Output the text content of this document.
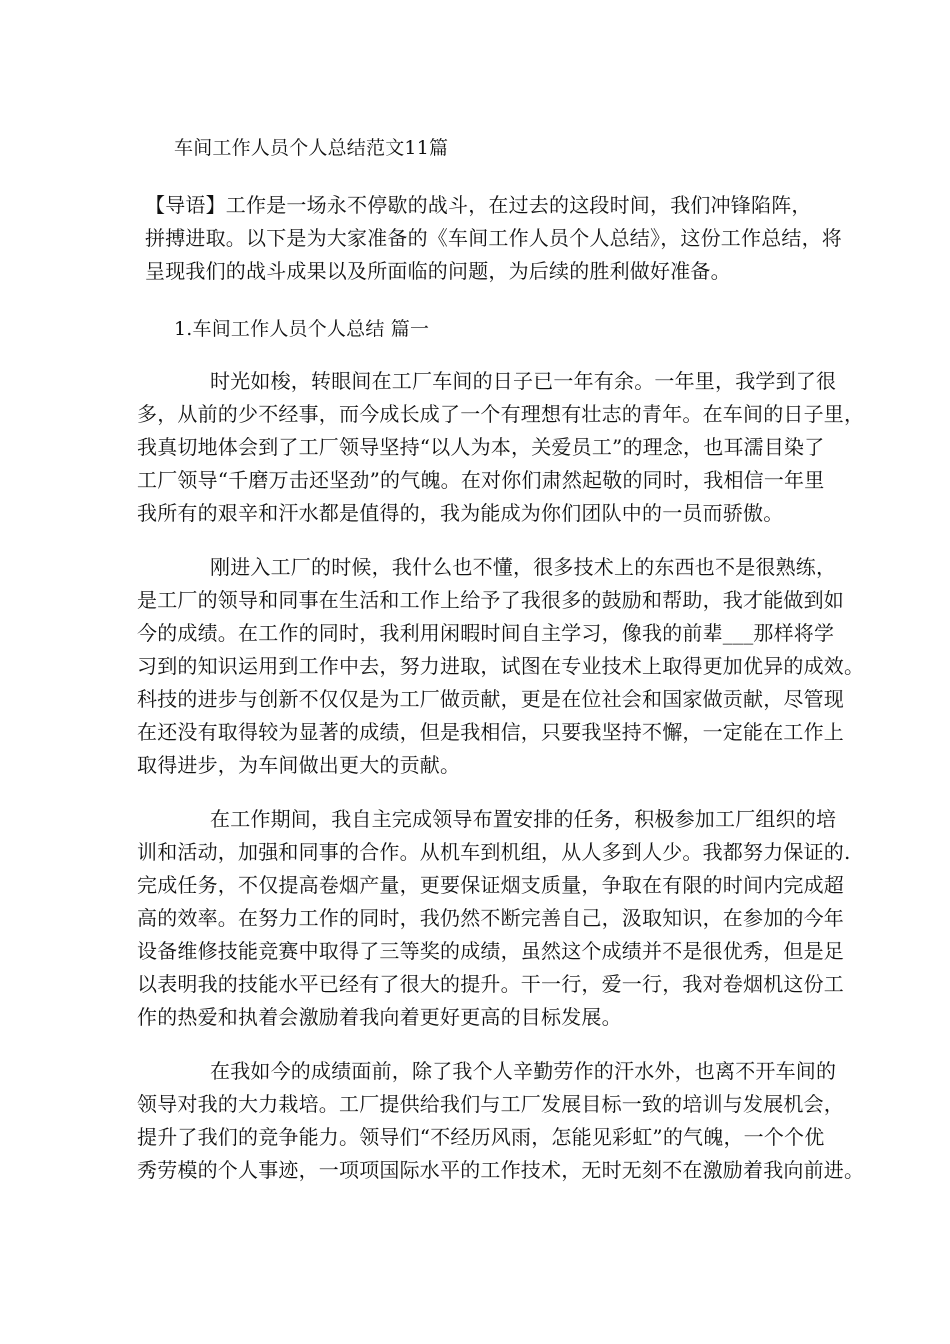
车间工作人员个人总结范文11篇
【导语】工作是一场永不停歇的战斗，在过去的这段时间，我们冲锋陷阵，
拼搏进取。以下是为大家准备的《车间工作人员个人总结》，这份工作总结，将
呈现我们的战斗成果以及所面临的问题，为后续的胜利做好准备。
1.车间工作人员个人总结 篇一
时光如梭，转眼间在工厂车间的日子已一年有余。一年里，我学到了很
多，从前的少不经事，而今成长成了一个有理想有壮志的青年。在车间的日子里，
我真切地体会到了工厂领导坚持“以人为本，关爱员工”的理念，也耳濡目染了
工厂领导“千磨万击还坚劲”的气魄。在对你们肃然起敬的同时，我相信一年里
我所有的艰辛和汗水都是值得的，我为能成为你们团队中的一员而骄傲。
刚进入工厂的时候，我什么也不懂，很多技术上的东西也不是很熟练，
是工厂的领导和同事在生活和工作上给予了我很多的鼓励和帮助，我才能做到如
今的成绩。在工作的同时，我利用闲暇时间自主学习，像我的前辈___那样将学
习到的知识运用到工作中去，努力进取，试图在专业技术上取得更加优异的成效。
科技的进步与创新不仅仅是为工厂做贡献，更是在位社会和国家做贡献，尽管现
在还没有取得较为显著的成绩，但是我相信，只要我坚持不懈，一定能在工作上
取得进步，为车间做出更大的贡献。
在工作期间，我自主完成领导布置安排的任务，积极参加工厂组织的培
训和活动，加强和同事的合作。从机车到机组，从人多到人少。我都努力保证的.
完成任务，不仅提高卷烟产量，更要保证烟支质量，争取在有限的时间内完成超
高的效率。在努力工作的同时，我仍然不断完善自己，汲取知识，在参加的今年
设备维修技能竞赛中取得了三等奖的成绩，虽然这个成绩并不是很优秀，但是足
以表明我的技能水平已经有了很大的提升。干一行，爱一行，我对卷烟机这份工
作的热爱和执着会激励着我向着更好更高的目标发展。
在我如今的成绩面前，除了我个人辛勤劳作的汗水外，也离不开车间的
领导对我的大力栽培。工厂提供给我们与工厂发展目标一致的培训与发展机会，
提升了我们的竞争能力。领导们“不经历风雨，怎能见彩虹”的气魄，一个个优
秀劳模的个人事迹，一项项国际水平的工作技术，无时无刻不在激励着我向前进。
